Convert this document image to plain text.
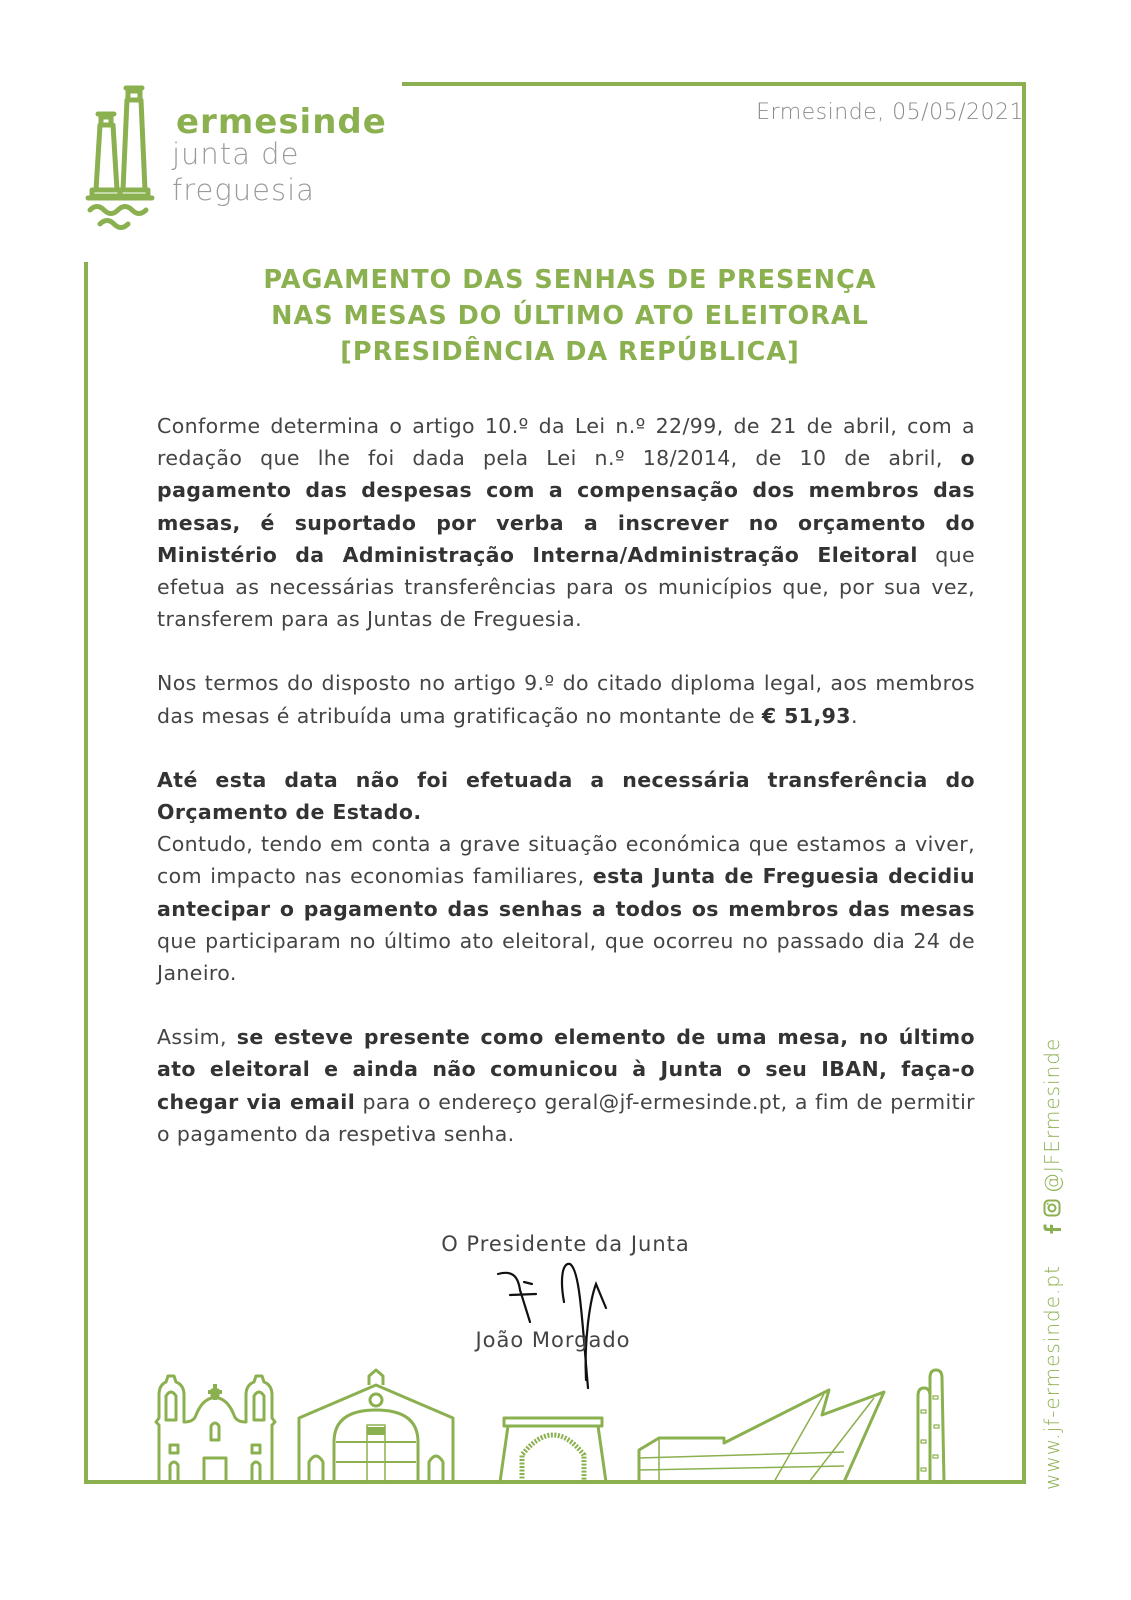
ermesinde
junta de
freguesia
Ermesinde, 05/05/2021
PAGAMENTO DAS SENHAS DE PRESENÇA
NAS MESAS DO ÚLTIMO ATO ELEITORAL
[PRESIDÊNCIA DA REPÚBLICA]

Conforme determina o artigo 10.º da Lei n.º 22/99, de 21 de abril, com a redação que lhe foi dada pela Lei n.º 18/2014, de 10 de abril, o pagamento das despesas com a compensação dos membros das mesas, é suportado por verba a inscrever no orçamento do Ministério da Administração Interna/Administração Eleitoral que efetua as necessárias transferências para os municípios que, por sua vez, transferem para as Juntas de Freguesia.

Nos termos do disposto no artigo 9.º do citado diploma legal, aos membros das mesas é atribuída uma gratificação no montante de € 51,93.

Até esta data não foi efetuada a necessária transferência do Orçamento de Estado.

Contudo, tendo em conta a grave situação económica que estamos a viver, com impacto nas economias familiares, esta Junta de Freguesia decidiu antecipar o pagamento das senhas a todos os membros das mesas que participaram no último ato eleitoral, que ocorreu no passado dia 24 de Janeiro.

Assim, se esteve presente como elemento de uma mesa, no último ato eleitoral e ainda não comunicou à Junta o seu IBAN, faça-o chegar via email para o endereço geral@jf-ermesinde.pt, a fim de permitir o pagamento da respetiva senha.

O Presidente da Junta
João Morgado	www.jf-ermesinde.pt
@JFErmesinde
